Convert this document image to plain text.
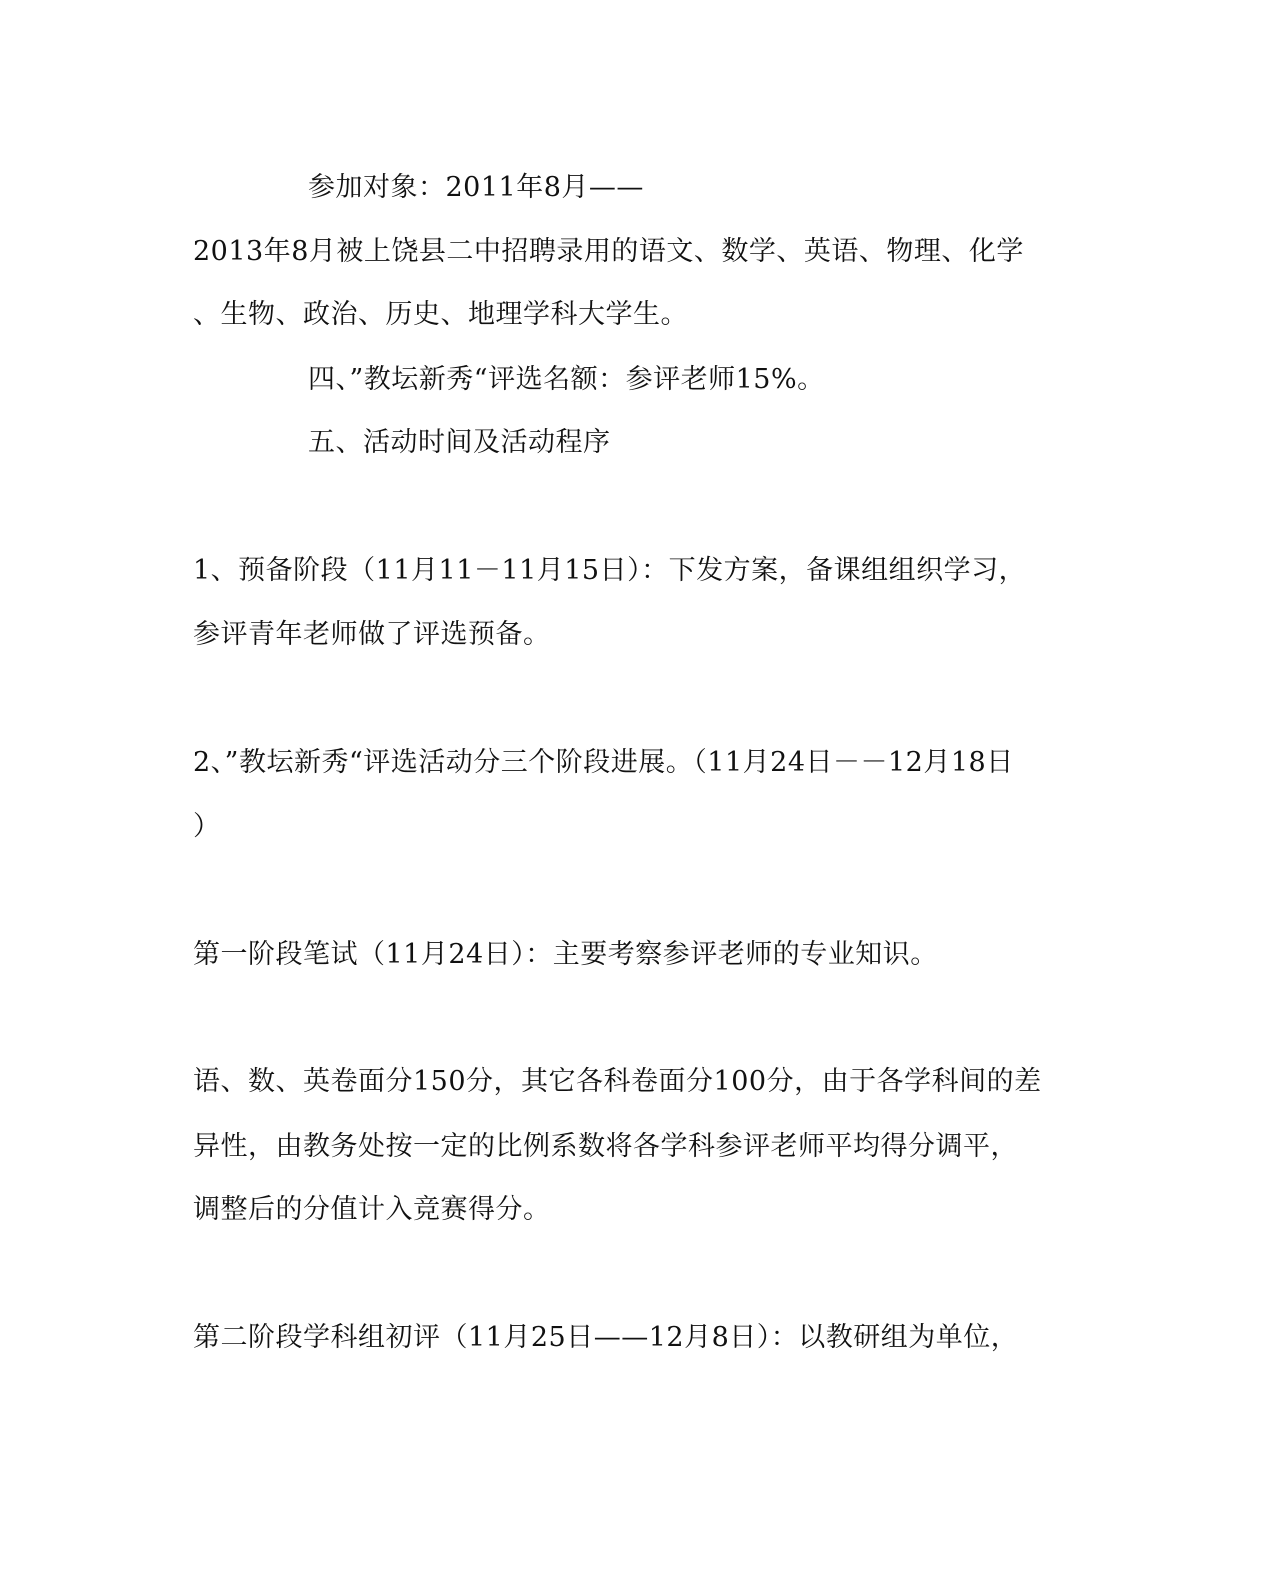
参加对象：2011年8月——
2013年8月被上饶县二中招聘录用的语文、数学、英语、物理、化学
、生物、政治、历史、地理学科大学生。
四、”教坛新秀“评选名额：参评老师15%。
五、活动时间及活动程序
1、预备阶段（11月11－11月15日）：下发方案，备课组组织学习，
参评青年老师做了评选预备。
2、”教坛新秀“评选活动分三个阶段进展。（11月24日－－12月18日
）
第一阶段笔试（11月24日）：主要考察参评老师的专业知识。
语、数、英卷面分150分，其它各科卷面分100分，由于各学科间的差
异性，由教务处按一定的比例系数将各学科参评老师平均得分调平，
调整后的分值计入竞赛得分。
第二阶段学科组初评（11月25日——12月8日）：以教研组为单位，
